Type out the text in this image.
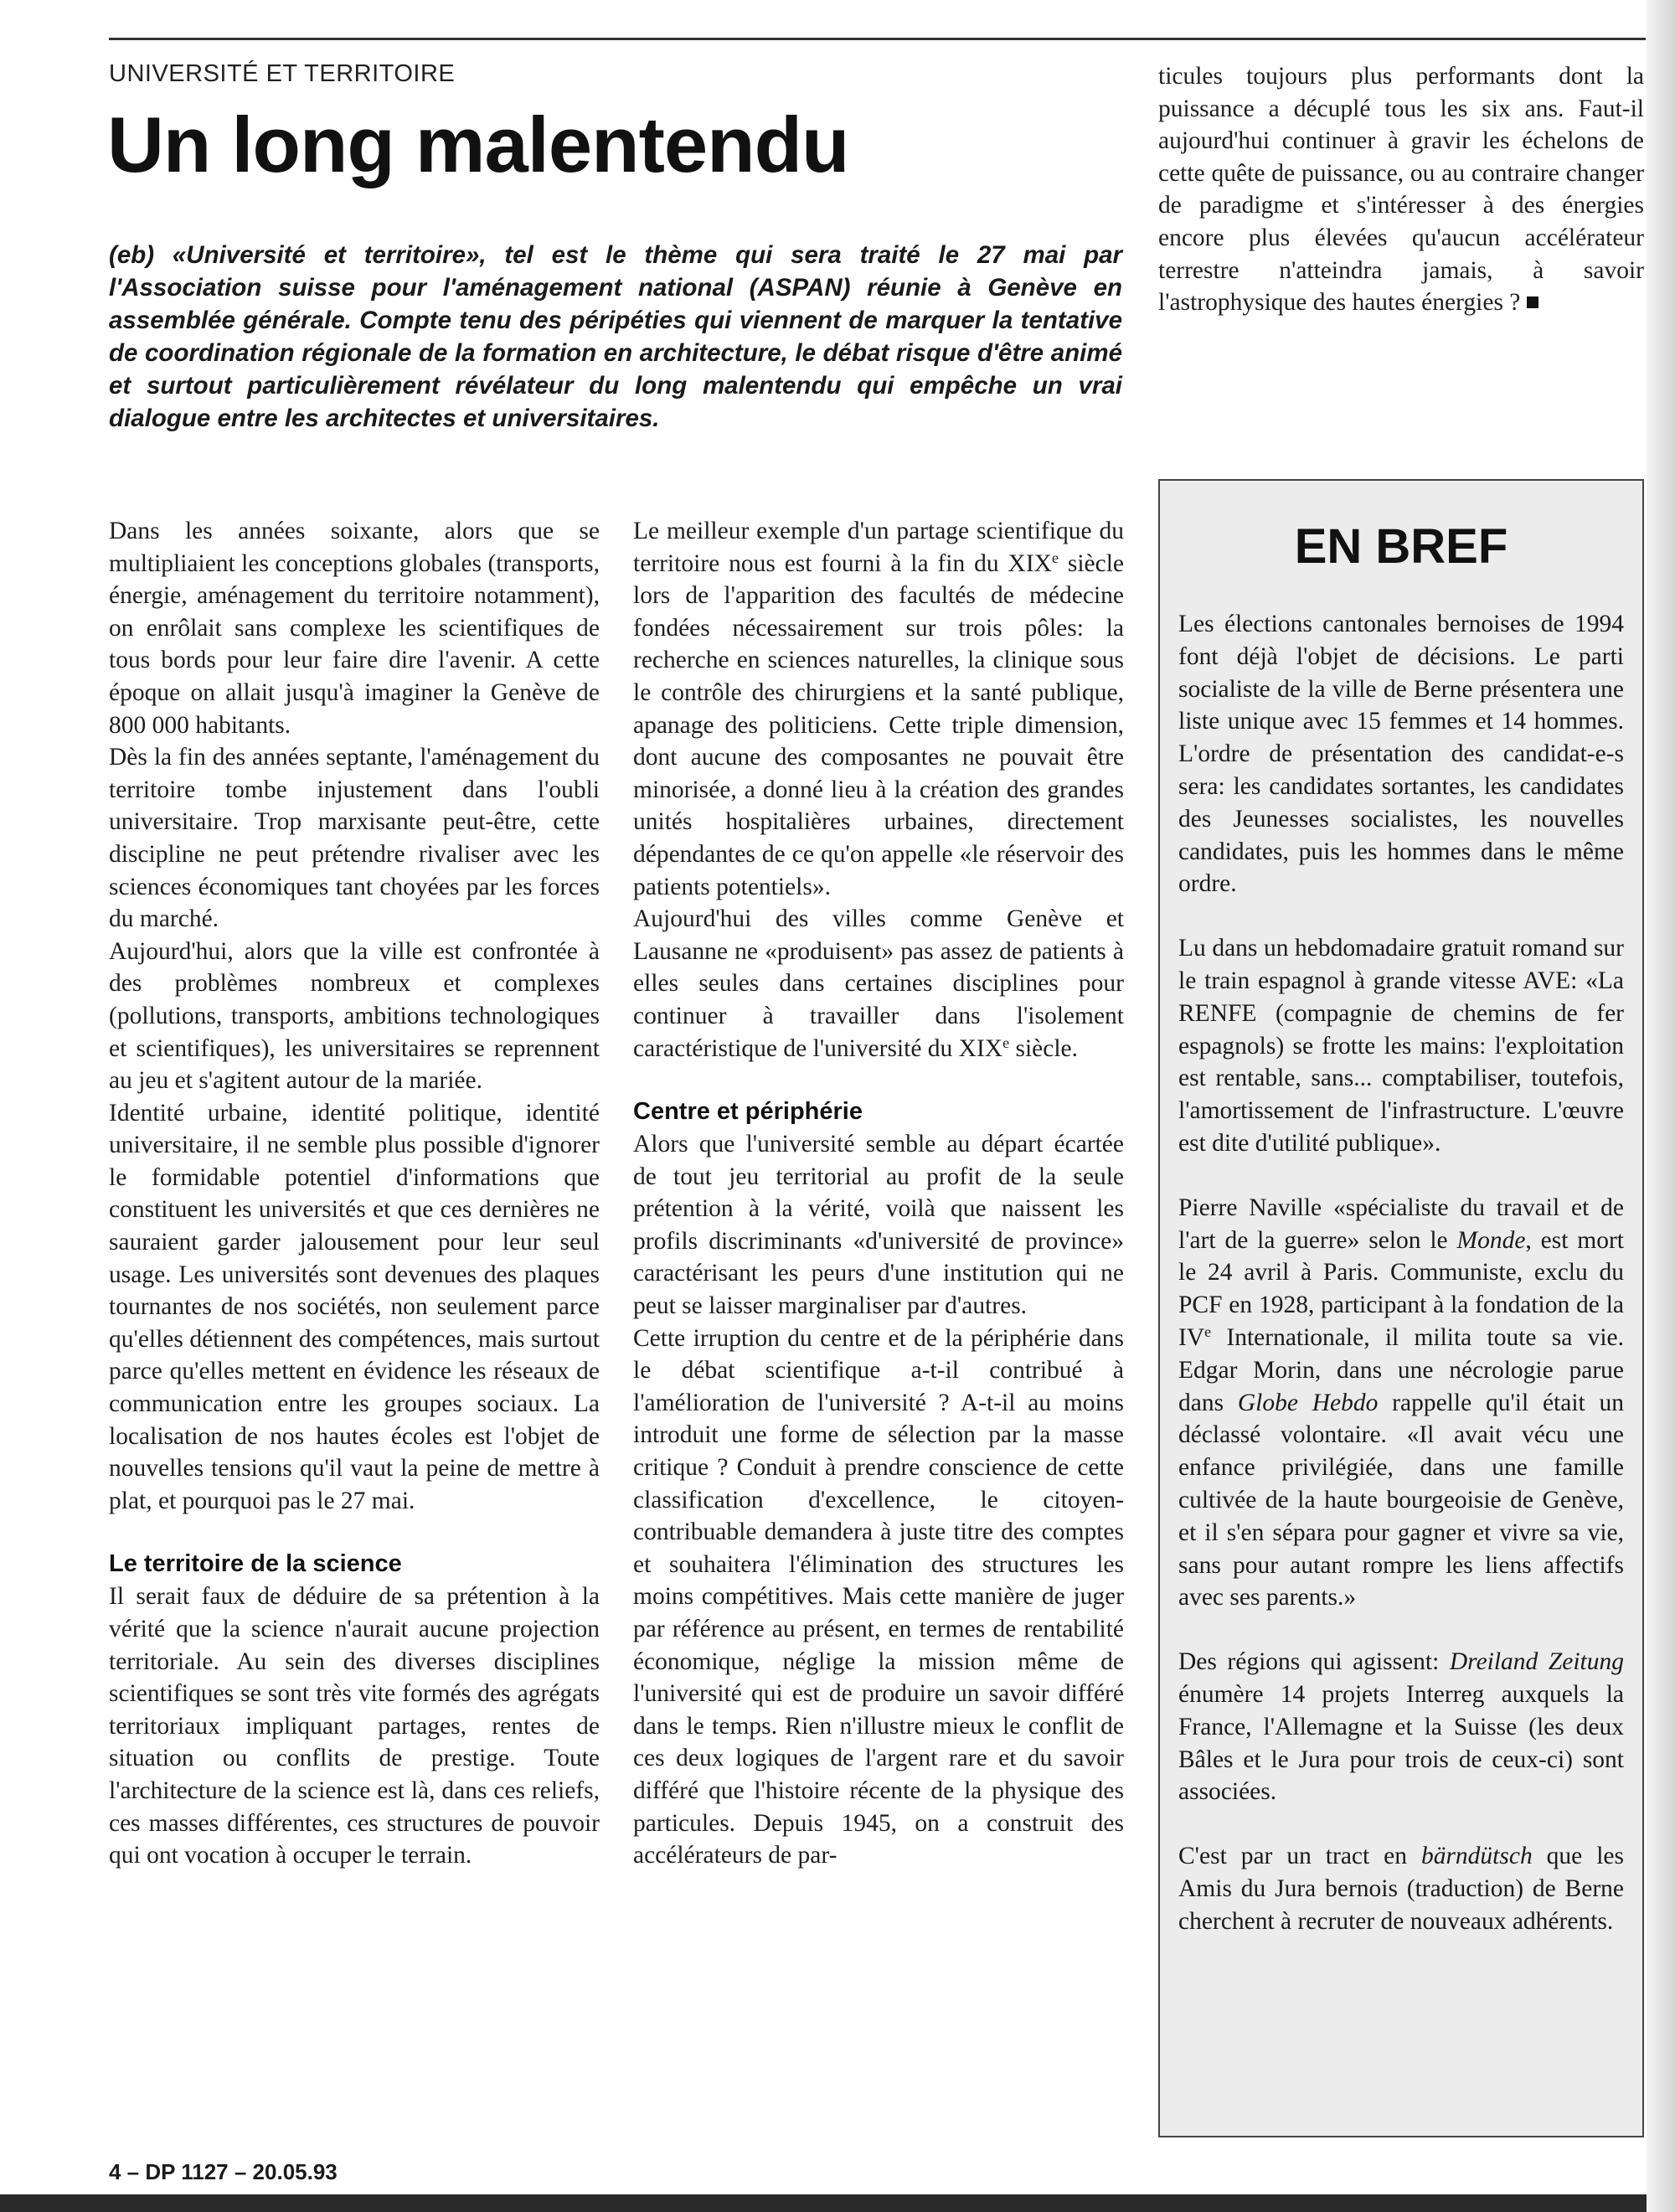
UNIVERSITÉ ET TERRITOIRE
Un long malentendu

(eb) «Université et territoire», tel est le thème qui sera traité le 27 mai par l'Association suisse pour l'aménagement national (ASPAN) réunie à Genève en assemblée générale. Compte tenu des péripéties qui viennent de marquer la tentative de coordination régionale de la formation en architecture, le débat risque d'être animé et surtout particulièrement révélateur du long malentendu qui empêche un vrai dialogue entre les architectes et universitaires.

Dans les années soixante, alors que se multipliaient les conceptions globales (transports, énergie, aménagement du territoire notamment), on enrôlait sans complexe les scientifiques de tous bords pour leur faire dire l'avenir. A cette époque on allait jusqu'à imaginer la Genève de 800 000 habitants.

Dès la fin des années septante, l'aménagement du territoire tombe injustement dans l'oubli universitaire. Trop marxisante peut-être, cette discipline ne peut prétendre rivaliser avec les sciences économiques tant choyées par les forces du marché.

Aujourd'hui, alors que la ville est confrontée à des problèmes nombreux et complexes (pollutions, transports, ambitions technologiques et scientifiques), les universitaires se reprennent au jeu et s'agitent autour de la mariée.

Identité urbaine, identité politique, identité universitaire, il ne semble plus possible d'ignorer le formidable potentiel d'informations que constituent les universités et que ces dernières ne sauraient garder jalousement pour leur seul usage. Les universités sont devenues des plaques tournantes de nos sociétés, non seulement parce qu'elles détiennent des compétences, mais surtout parce qu'elles mettent en évidence les réseaux de communication entre les groupes sociaux. La localisation de nos hautes écoles est l'objet de nouvelles tensions qu'il vaut la peine de mettre à plat, et pourquoi pas le 27 mai.

Le territoire de la science

Il serait faux de déduire de sa prétention à la vérité que la science n'aurait aucune projection territoriale. Au sein des diverses disciplines scientifiques se sont très vite formés des agrégats territoriaux impliquant partages, rentes de situation ou conflits de prestige. Toute l'architecture de la science est là, dans ces reliefs, ces masses différentes, ces structures de pouvoir qui ont vocation à occuper le terrain.

Le meilleur exemple d'un partage scientifique du territoire nous est fourni à la fin du XIXe siècle lors de l'apparition des facultés de médecine fondées nécessairement sur trois pôles: la recherche en sciences naturelles, la clinique sous le contrôle des chirurgiens et la santé publique, apanage des politiciens. Cette triple dimension, dont aucune des composantes ne pouvait être minorisée, a donné lieu à la création des grandes unités hospitalières urbaines, directement dépendantes de ce qu'on appelle «le réservoir des patients potentiels».

Aujourd'hui des villes comme Genève et Lausanne ne «produisent» pas assez de patients à elles seules dans certaines disciplines pour continuer à travailler dans l'isolement caractéristique de l'université du XIXe siècle.

Centre et périphérie

Alors que l'université semble au départ écartée de tout jeu territorial au profit de la seule prétention à la vérité, voilà que naissent les profils discriminants «d'université de province» caractérisant les peurs d'une institution qui ne peut se laisser marginaliser par d'autres.

Cette irruption du centre et de la périphérie dans le débat scientifique a-t-il contribué à l'amélioration de l'université ? A-t-il au moins introduit une forme de sélection par la masse critique ? Conduit à prendre conscience de cette classification d'excellence, le citoyen-contribuable demandera à juste titre des comptes et souhaitera l'élimination des structures les moins compétitives. Mais cette manière de juger par référence au présent, en termes de rentabilité économique, néglige la mission même de l'université qui est de produire un savoir différé dans le temps. Rien n'illustre mieux le conflit de ces deux logiques de l'argent rare et du savoir différé que l'histoire récente de la physique des particules. Depuis 1945, on a construit des accélérateurs de par-

ticules toujours plus performants dont la puissance a décuplé tous les six ans. Faut-il aujourd'hui continuer à gravir les échelons de cette quête de puissance, ou au contraire changer de paradigme et s'intéresser à des énergies encore plus élevées qu'aucun accélérateur terrestre n'atteindra jamais, à savoir l'astrophysique des hautes énergies ?

EN BREF

Les élections cantonales bernoises de 1994 font déjà l'objet de décisions. Le parti socialiste de la ville de Berne présentera une liste unique avec 15 femmes et 14 hommes. L'ordre de présentation des candidat-e-s sera: les candidates sortantes, les candidates des Jeunesses socialistes, les nouvelles candidates, puis les hommes dans le même ordre.

Lu dans un hebdomadaire gratuit romand sur le train espagnol à grande vitesse AVE: «La RENFE (compagnie de chemins de fer espagnols) se frotte les mains: l'exploitation est rentable, sans... comptabiliser, toutefois, l'amortissement de l'infrastructure. L'œuvre est dite d'utilité publique».

Pierre Naville «spécialiste du travail et de l'art de la guerre» selon le Monde, est mort le 24 avril à Paris. Communiste, exclu du PCF en 1928, participant à la fondation de la IVe Internationale, il milita toute sa vie. Edgar Morin, dans une nécrologie parue dans Globe Hebdo rappelle qu'il était un déclassé volontaire. «Il avait vécu une enfance privilégiée, dans une famille cultivée de la haute bourgeoisie de Genève, et il s'en sépara pour gagner et vivre sa vie, sans pour autant rompre les liens affectifs avec ses parents.»

Des régions qui agissent: Dreiland Zeitung énumère 14 projets Interreg auxquels la France, l'Allemagne et la Suisse (les deux Bâles et le Jura pour trois de ceux-ci) sont associées.

C'est par un tract en bärndütsch que les Amis du Jura bernois (traduction) de Berne cherchent à recruter de nouveaux adhérents.

4 – DP 1127 – 20.05.93
